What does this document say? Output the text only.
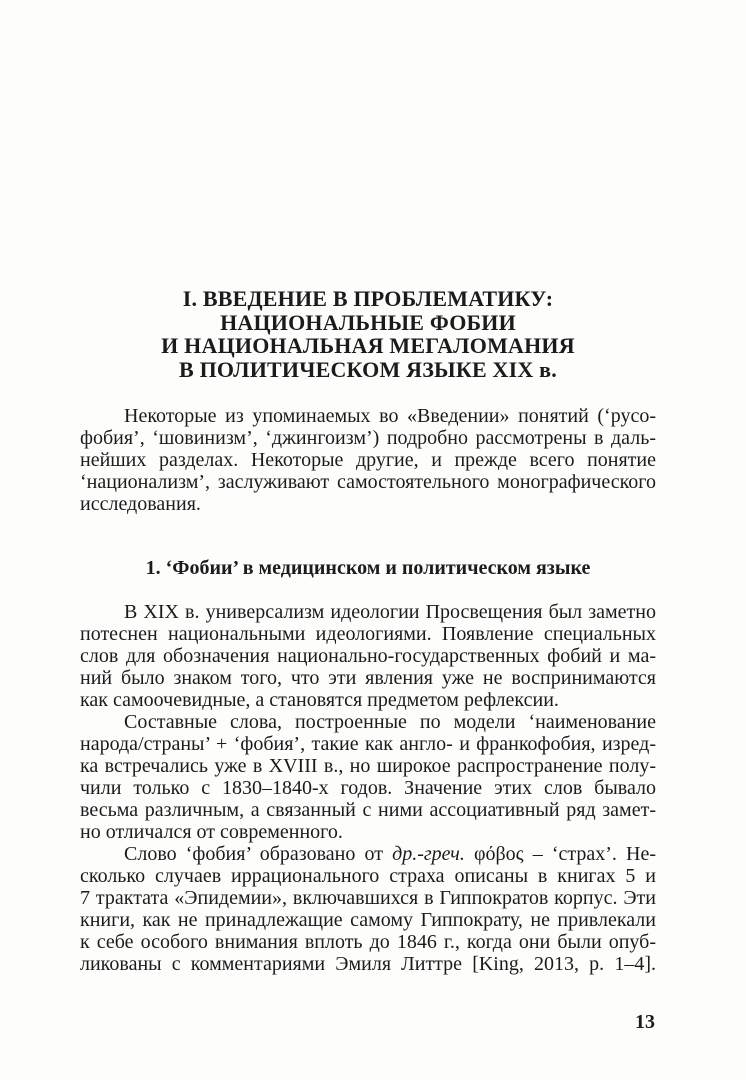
I. ВВЕДЕНИЕ В ПРОБЛЕМАТИКУ:
НАЦИОНАЛЬНЫЕ ФОБИИ
И НАЦИОНАЛЬНАЯ МЕГАЛОМАНИЯ
В ПОЛИТИЧЕСКОМ ЯЗЫКЕ XIX в.
Некоторые из упоминаемых во «Введении» понятий (‘русо-
фобия’, ‘шовинизм’, ‘джингоизм’) подробно рассмотрены в даль-
нейших разделах. Некоторые другие, и прежде всего понятие
‘национализм’, заслуживают самостоятельного монографического
исследования.
1. ‘Фобии’ в медицинском и политическом языке
В XIX в. универсализм идеологии Просвещения был заметно
потеснен национальными идеологиями. Появление специальных
слов для обозначения национально-государственных фобий и ма-
ний было знаком того, что эти явления уже не воспринимаются
как самоочевидные, а становятся предметом рефлексии.
Составные слова, построенные по модели ‘наименование
народа/страны’ + ‘фобия’, такие как англо- и франкофобия, изред-
ка встречались уже в XVIII в., но широкое распространение полу-
чили только с 1830–1840-х годов. Значение этих слов бывало
весьма различным, а связанный с ними ассоциативный ряд замет-
но отличался от современного.
Слово ‘фобия’ образовано от др.-греч. φόβος – ‘страх’. Не-
сколько случаев иррационального страха описаны в книгах 5 и
7 трактата «Эпидемии», включавшихся в Гиппократов корпус. Эти
книги, как не принадлежащие самому Гиппократу, не привлекали
к себе особого внимания вплоть до 1846 г., когда они были опуб-
ликованы с комментариями Эмиля Литтре [King, 2013, p. 1–4].
13
